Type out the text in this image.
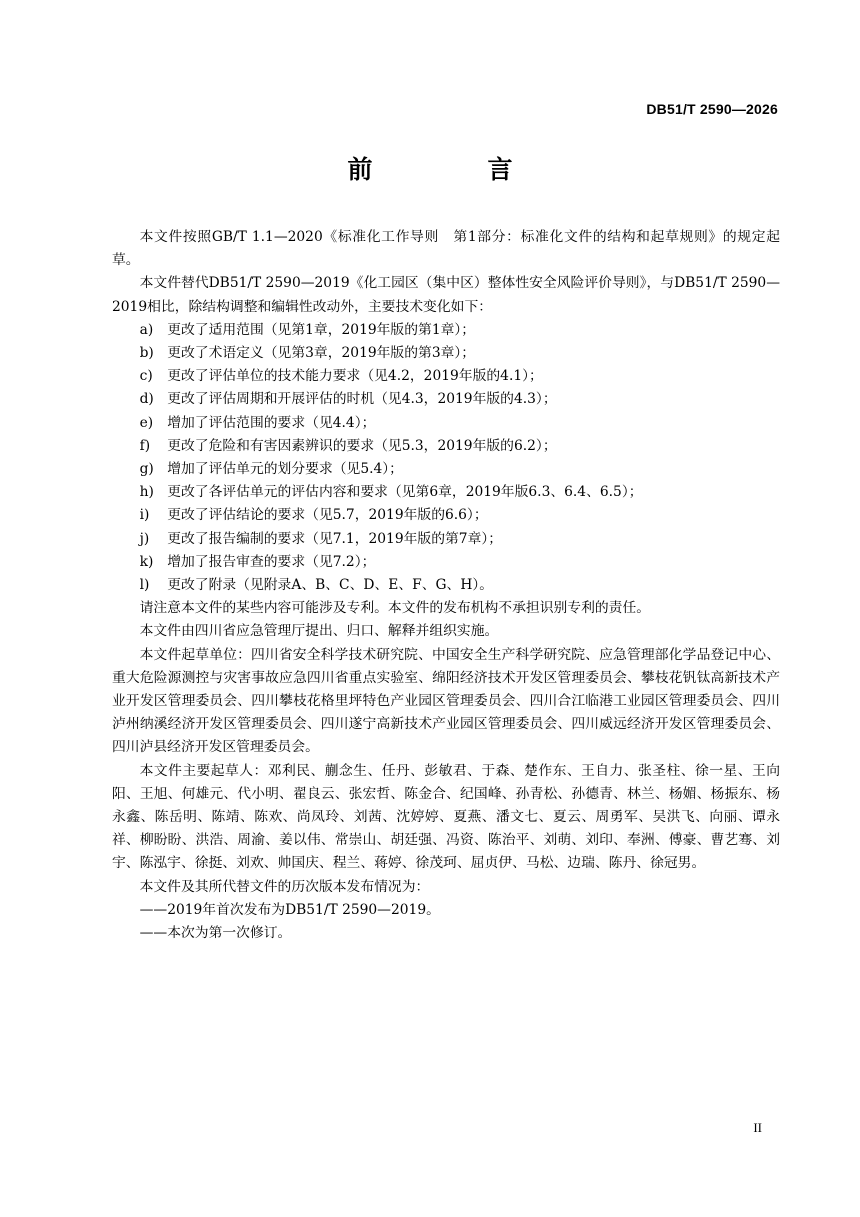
DB51/T 2590—2026
前　言

本文件按照GB/T 1.1—2020《标准化工作导则　第1部分：标准化文件的结构和起草规则》的规定起草。

本文件替代DB51/T 2590—2019《化工园区（集中区）整体性安全风险评价导则》，与DB51/T 2590—2019相比，除结构调整和编辑性改动外，主要技术变化如下：

a) 更改了适用范围（见第1章，2019年版的第1章）；
b) 更改了术语定义（见第3章，2019年版的第3章）；
c) 更改了评估单位的技术能力要求（见4.2，2019年版的4.1）；
d) 更改了评估周期和开展评估的时机（见4.3，2019年版的4.3）；
e) 增加了评估范围的要求（见4.4）；
f) 更改了危险和有害因素辨识的要求（见5.3，2019年版的6.2）；
g) 增加了评估单元的划分要求（见5.4）；
h) 更改了各评估单元的评估内容和要求（见第6章，2019年版6.3、6.4、6.5）；
i) 更改了评估结论的要求（见5.7，2019年版的6.6）；
j) 更改了报告编制的要求（见7.1，2019年版的第7章）；
k) 增加了报告审查的要求（见7.2）；
l) 更改了附录（见附录A、B、C、D、E、F、G、H）。

请注意本文件的某些内容可能涉及专利。本文件的发布机构不承担识别专利的责任。

本文件由四川省应急管理厅提出、归口、解释并组织实施。

本文件起草单位：四川省安全科学技术研究院、中国安全生产科学研究院、应急管理部化学品登记中心、重大危险源测控与灾害事故应急四川省重点实验室、绵阳经济技术开发区管理委员会、攀枝花钒钛高新技术产业开发区管理委员会、四川攀枝花格里坪特色产业园区管理委员会、四川合江临港工业园区管理委员会、四川泸州纳溪经济开发区管理委员会、四川遂宁高新技术产业园区管理委员会、四川威远经济开发区管理委员会、四川泸县经济开发区管理委员会。

本文件主要起草人：邓利民、蒯念生、任丹、彭敏君、于森、楚作东、王自力、张圣柱、徐一星、王向阳、王旭、何雄元、代小明、翟良云、张宏哲、陈金合、纪国峰、孙青松、孙德青、林兰、杨媚、杨振东、杨永鑫、陈岳明、陈靖、陈欢、尚凤玲、刘茜、沈婷婷、夏燕、潘文七、夏云、周勇军、吴洪飞、向丽、谭永祥、柳盼盼、洪浩、周渝、姜以伟、常崇山、胡廷强、冯资、陈治平、刘萌、刘印、奉洲、傅豪、曹艺骞、刘宇、陈泓宇、徐挺、刘欢、帅国庆、程兰、蒋婷、徐茂珂、屈贞伊、马松、边瑞、陈丹、徐冠男。

本文件及其所代替文件的历次版本发布情况为：

——2019年首次发布为DB51/T 2590—2019。

——本次为第一次修订。

II
